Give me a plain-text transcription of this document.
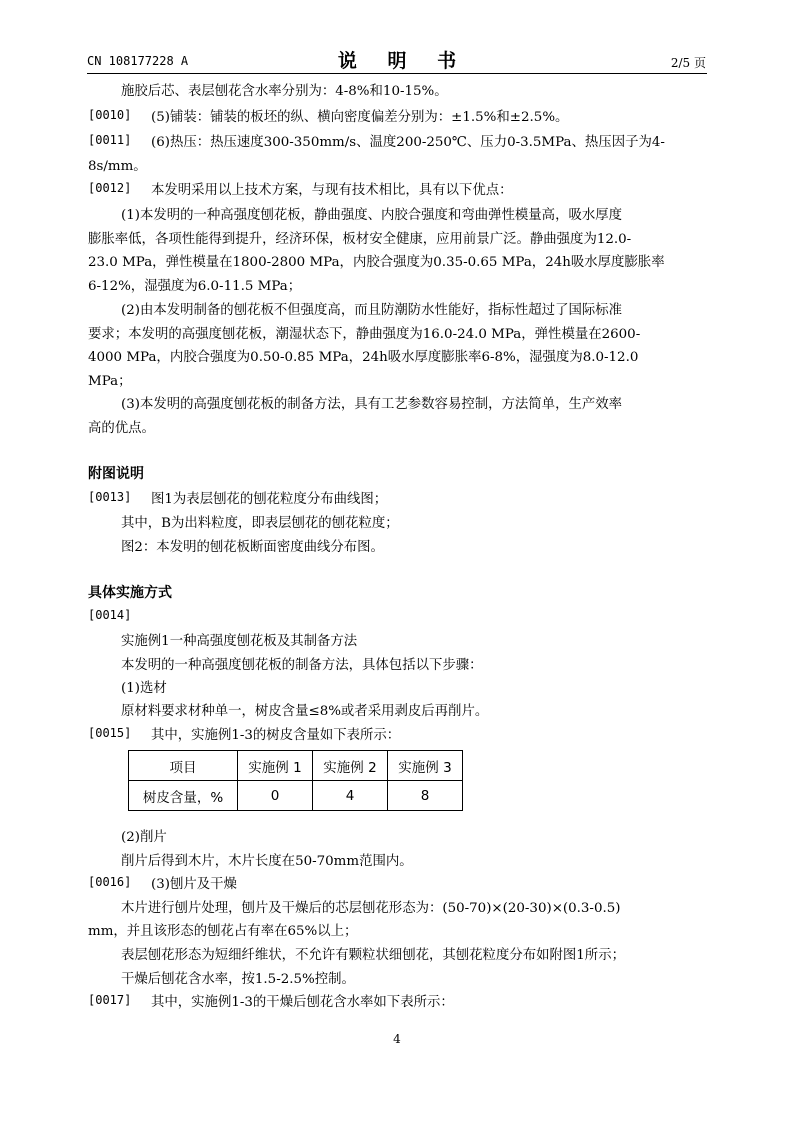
CN 108177228 A	说 明 书	2/5 页
施胶后芯、表层刨花含水率分别为：4-8%和10-15%。
[0010] (5)铺装：铺装的板坯的纵、横向密度偏差分别为：±1.5%和±2.5%。
[0011] (6)热压：热压速度300-350mm/s、温度200-250℃、压力0-3.5MPa、热压因子为4-
8s/mm。
[0012] 本发明采用以上技术方案，与现有技术相比，具有以下优点：
(1)本发明的一种高强度刨花板，静曲强度、内胶合强度和弯曲弹性模量高，吸水厚度
膨胀率低，各项性能得到提升，经济环保，板材安全健康，应用前景广泛。静曲强度为12.0-
23.0 MPa，弹性模量在1800-2800 MPa，内胶合强度为0.35-0.65 MPa，24h吸水厚度膨胀率
6-12%，湿强度为6.0-11.5 MPa；
(2)由本发明制备的刨花板不但强度高，而且防潮防水性能好，指标性超过了国际标准
要求；本发明的高强度刨花板，潮湿状态下，静曲强度为16.0-24.0 MPa，弹性模量在2600-
4000 MPa，内胶合强度为0.50-0.85 MPa，24h吸水厚度膨胀率6-8%，湿强度为8.0-12.0
MPa；
(3)本发明的高强度刨花板的制备方法，具有工艺参数容易控制，方法简单，生产效率
高的优点。
附图说明
[0013] 图1为表层刨花的刨花粒度分布曲线图；
其中，B为出料粒度，即表层刨花的刨花粒度；
图2：本发明的刨花板断面密度曲线分布图。
具体实施方式
[0014]
实施例1一种高强度刨花板及其制备方法
本发明的一种高强度刨花板的制备方法，具体包括以下步骤：
(1)选材
原材料要求材种单一，树皮含量≤8%或者采用剥皮后再削片。
[0015] 其中，实施例1-3的树皮含量如下表所示：
项目	实施例 1	实施例 2	实施例 3
树皮含量，%	0	4	8
(2)削片
削片后得到木片，木片长度在50-70mm范围内。
[0016] (3)刨片及干燥
木片进行刨片处理，刨片及干燥后的芯层刨花形态为：(50-70)×(20-30)×(0.3-0.5)
mm，并且该形态的刨花占有率在65%以上；
表层刨花形态为短细纤维状，不允许有颗粒状细刨花，其刨花粒度分布如附图1所示；
干燥后刨花含水率，按1.5-2.5%控制。
[0017] 其中，实施例1-3的干燥后刨花含水率如下表所示：
4
